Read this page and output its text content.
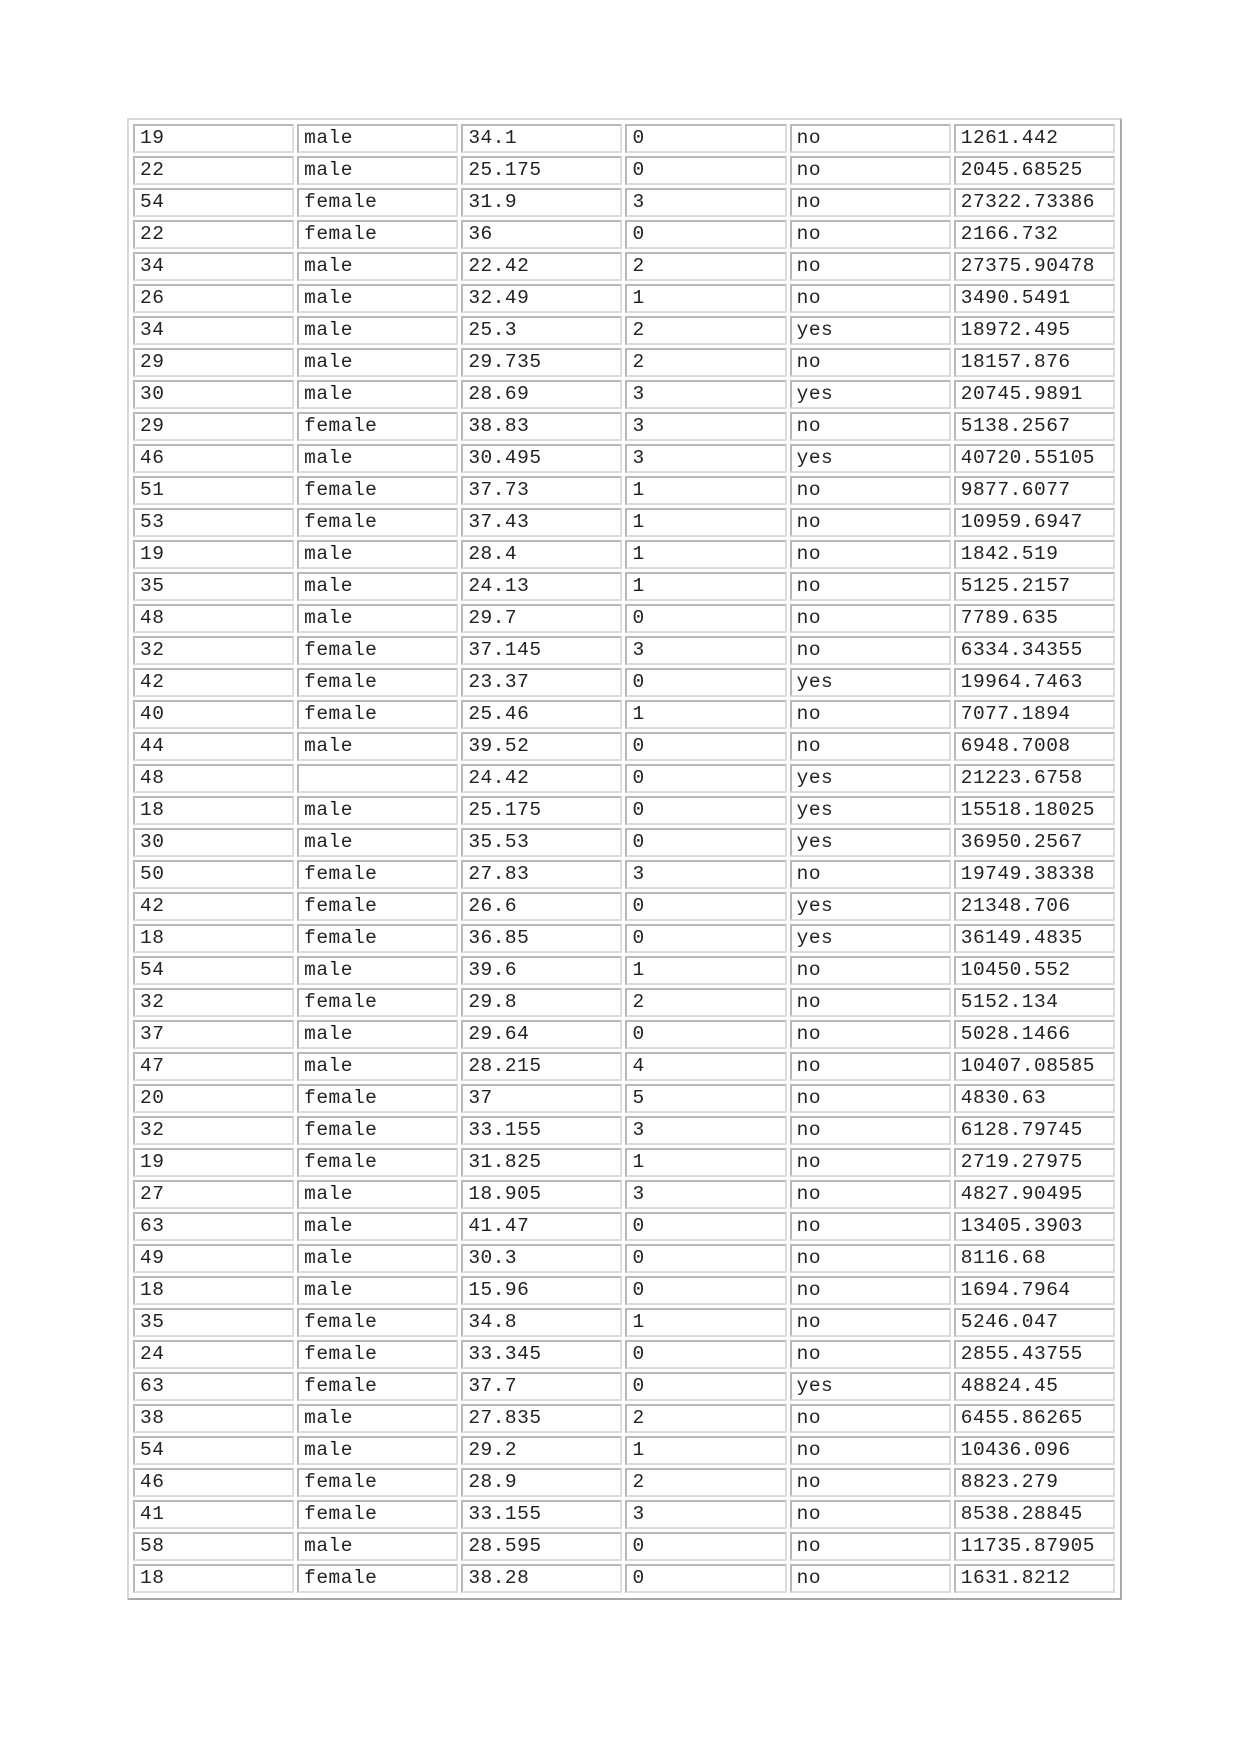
19	male	34.1	0	no	1261.442
22	male	25.175	0	no	2045.68525
54	female	31.9	3	no	27322.73386
22	female	36	0	no	2166.732
34	male	22.42	2	no	27375.90478
26	male	32.49	1	no	3490.5491
34	male	25.3	2	yes	18972.495
29	male	29.735	2	no	18157.876
30	male	28.69	3	yes	20745.9891
29	female	38.83	3	no	5138.2567
46	male	30.495	3	yes	40720.55105
51	female	37.73	1	no	9877.6077
53	female	37.43	1	no	10959.6947
19	male	28.4	1	no	1842.519
35	male	24.13	1	no	5125.2157
48	male	29.7	0	no	7789.635
32	female	37.145	3	no	6334.34355
42	female	23.37	0	yes	19964.7463
40	female	25.46	1	no	7077.1894
44	male	39.52	0	no	6948.7008
48		24.42	0	yes	21223.6758
18	male	25.175	0	yes	15518.18025
30	male	35.53	0	yes	36950.2567
50	female	27.83	3	no	19749.38338
42	female	26.6	0	yes	21348.706
18	female	36.85	0	yes	36149.4835
54	male	39.6	1	no	10450.552
32	female	29.8	2	no	5152.134
37	male	29.64	0	no	5028.1466
47	male	28.215	4	no	10407.08585
20	female	37	5	no	4830.63
32	female	33.155	3	no	6128.79745
19	female	31.825	1	no	2719.27975
27	male	18.905	3	no	4827.90495
63	male	41.47	0	no	13405.3903
49	male	30.3	0	no	8116.68
18	male	15.96	0	no	1694.7964
35	female	34.8	1	no	5246.047
24	female	33.345	0	no	2855.43755
63	female	37.7	0	yes	48824.45
38	male	27.835	2	no	6455.86265
54	male	29.2	1	no	10436.096
46	female	28.9	2	no	8823.279
41	female	33.155	3	no	8538.28845
58	male	28.595	0	no	11735.87905
18	female	38.28	0	no	1631.8212
